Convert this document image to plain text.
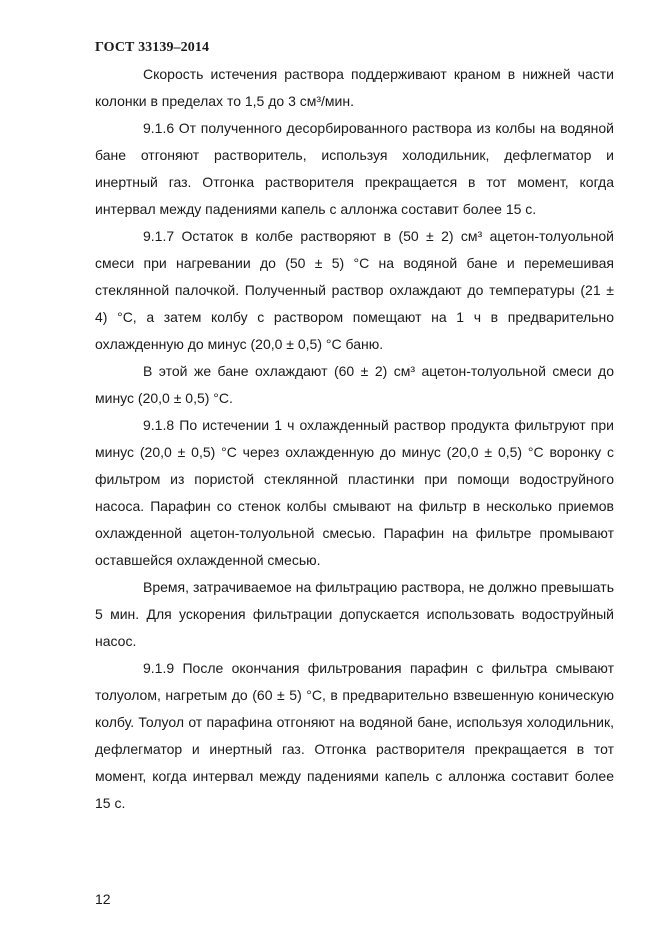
ГОСТ 33139–2014

Скорость истечения раствора поддерживают краном в нижней части колонки в пределах то 1,5 до 3 см³/мин.

9.1.6 От полученного десорбированного раствора из колбы на водяной бане отгоняют растворитель, используя холодильник, дефлегматор и инертный газ. Отгонка растворителя прекращается в тот момент, когда интервал между падениями капель с аллонжа составит более 15 с.

9.1.7 Остаток в колбе растворяют в (50 ± 2) см³ ацетон-толуольной смеси при нагревании до (50 ± 5) °С на водяной бане и перемешивая стеклянной палочкой. Полученный раствор охлаждают до температуры (21 ± 4) °С, а затем колбу с раствором помещают на 1 ч в предварительно охлажденную до минус (20,0 ± 0,5) °С баню.

В этой же бане охлаждают (60 ± 2) см³ ацетон-толуольной смеси до минус (20,0 ± 0,5) °С.

9.1.8 По истечении 1 ч охлажденный раствор продукта фильтруют при минус (20,0 ± 0,5) °С через охлажденную до минус (20,0 ± 0,5) °С воронку с фильтром из пористой стеклянной пластинки при помощи водоструйного насоса. Парафин со стенок колбы смывают на фильтр в несколько приемов охлажденной ацетон-толуольной смесью. Парафин на фильтре промывают оставшейся охлажденной смесью.

Время, затрачиваемое на фильтрацию раствора, не должно превышать 5 мин. Для ускорения фильтрации допускается использовать водоструйный насос.

9.1.9 После окончания фильтрования парафин с фильтра смывают толуолом, нагретым до (60 ± 5) °С, в предварительно взвешенную коническую колбу. Толуол от парафина отгоняют на водяной бане, используя холодильник, дефлегматор и инертный газ. Отгонка растворителя прекращается в тот момент, когда интервал между падениями капель с аллонжа составит более 15 с.

12
